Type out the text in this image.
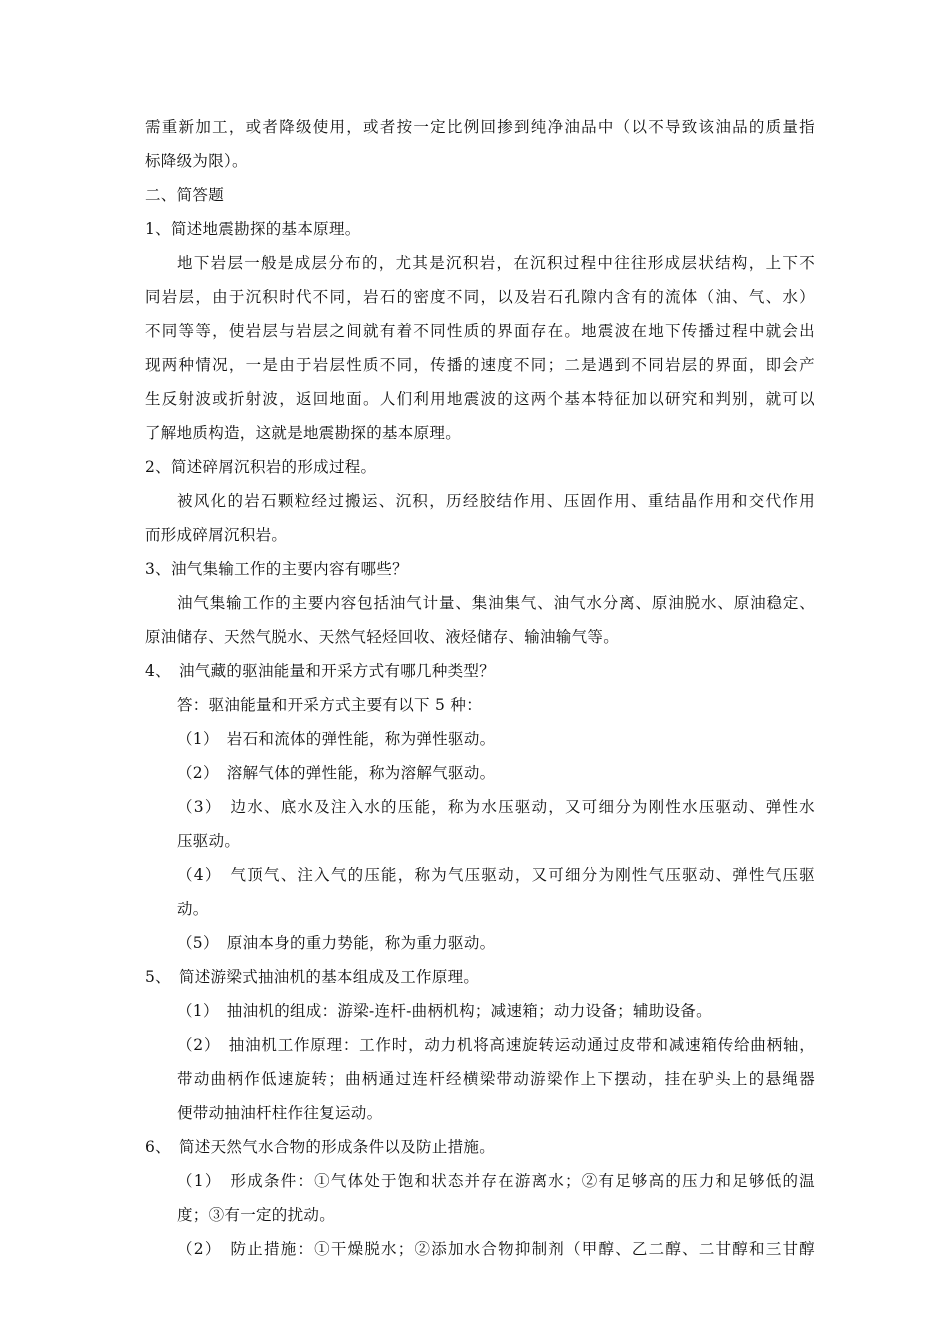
需重新加工，或者降级使用，或者按一定比例回掺到纯净油品中（以不导致该油品的质量指
标降级为限）。
二、简答题
1、简述地震勘探的基本原理。
地下岩层一般是成层分布的，尤其是沉积岩，在沉积过程中往往形成层状结构，上下不
同岩层，由于沉积时代不同，岩石的密度不同，以及岩石孔隙内含有的流体（油、气、水）
不同等等，使岩层与岩层之间就有着不同性质的界面存在。地震波在地下传播过程中就会出
现两种情况，一是由于岩层性质不同，传播的速度不同；二是遇到不同岩层的界面，即会产
生反射波或折射波，返回地面。人们利用地震波的这两个基本特征加以研究和判别，就可以
了解地质构造，这就是地震勘探的基本原理。
2、简述碎屑沉积岩的形成过程。
被风化的岩石颗粒经过搬运、沉积，历经胶结作用、压固作用、重结晶作用和交代作用
而形成碎屑沉积岩。
3、油气集输工作的主要内容有哪些？
油气集输工作的主要内容包括油气计量、集油集气、油气水分离、原油脱水、原油稳定、
原油储存、天然气脱水、天然气轻烃回收、液烃储存、输油输气等。
4、　油气藏的驱油能量和开采方式有哪几种类型？
答：驱油能量和开采方式主要有以下 5 种：
（1）　岩石和流体的弹性能，称为弹性驱动。
（2）　溶解气体的弹性能，称为溶解气驱动。
（3）　边水、底水及注入水的压能，称为水压驱动，又可细分为刚性水压驱动、弹性水
压驱动。
（4）　气顶气、注入气的压能，称为气压驱动，又可细分为刚性气压驱动、弹性气压驱
动。
（5）　原油本身的重力势能，称为重力驱动。
5、　简述游梁式抽油机的基本组成及工作原理。
（1）　抽油机的组成：游梁-连杆-曲柄机构；减速箱；动力设备；辅助设备。
（2）　抽油机工作原理：工作时，动力机将高速旋转运动通过皮带和减速箱传给曲柄轴，
带动曲柄作低速旋转；曲柄通过连杆经横梁带动游梁作上下摆动，挂在驴头上的悬绳器
便带动抽油杆柱作往复运动。
6、　简述天然气水合物的形成条件以及防止措施。
（1）　形成条件：①气体处于饱和状态并存在游离水；②有足够高的压力和足够低的温
度；③有一定的扰动。
（2）　防止措施：①干燥脱水；②添加水合物抑制剂（甲醇、乙二醇、二甘醇和三甘醇
